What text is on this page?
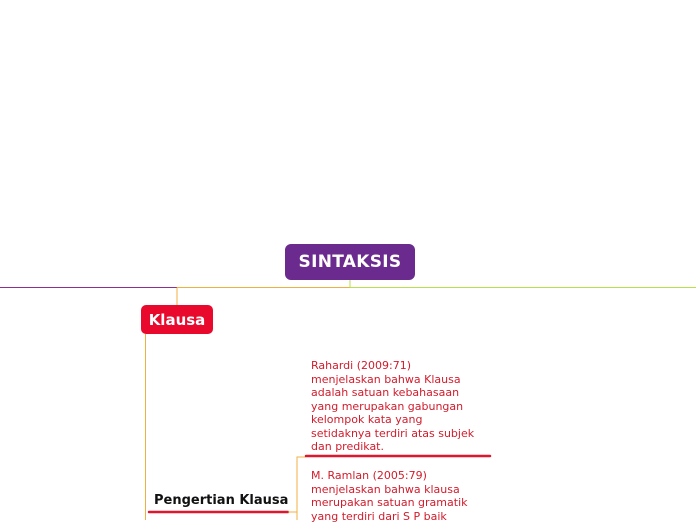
SINTAKSIS
Klausa
Pengertian Klausa
Rahardi (2009:71)
menjelaskan bahwa Klausa
adalah satuan kebahasaan
yang merupakan gabungan
kelompok kata yang
setidaknya terdiri atas subjek
dan predikat.
M. Ramlan (2005:79)
menjelaskan bahwa klausa
merupakan satuan gramatik
yang terdiri dari S P baik
